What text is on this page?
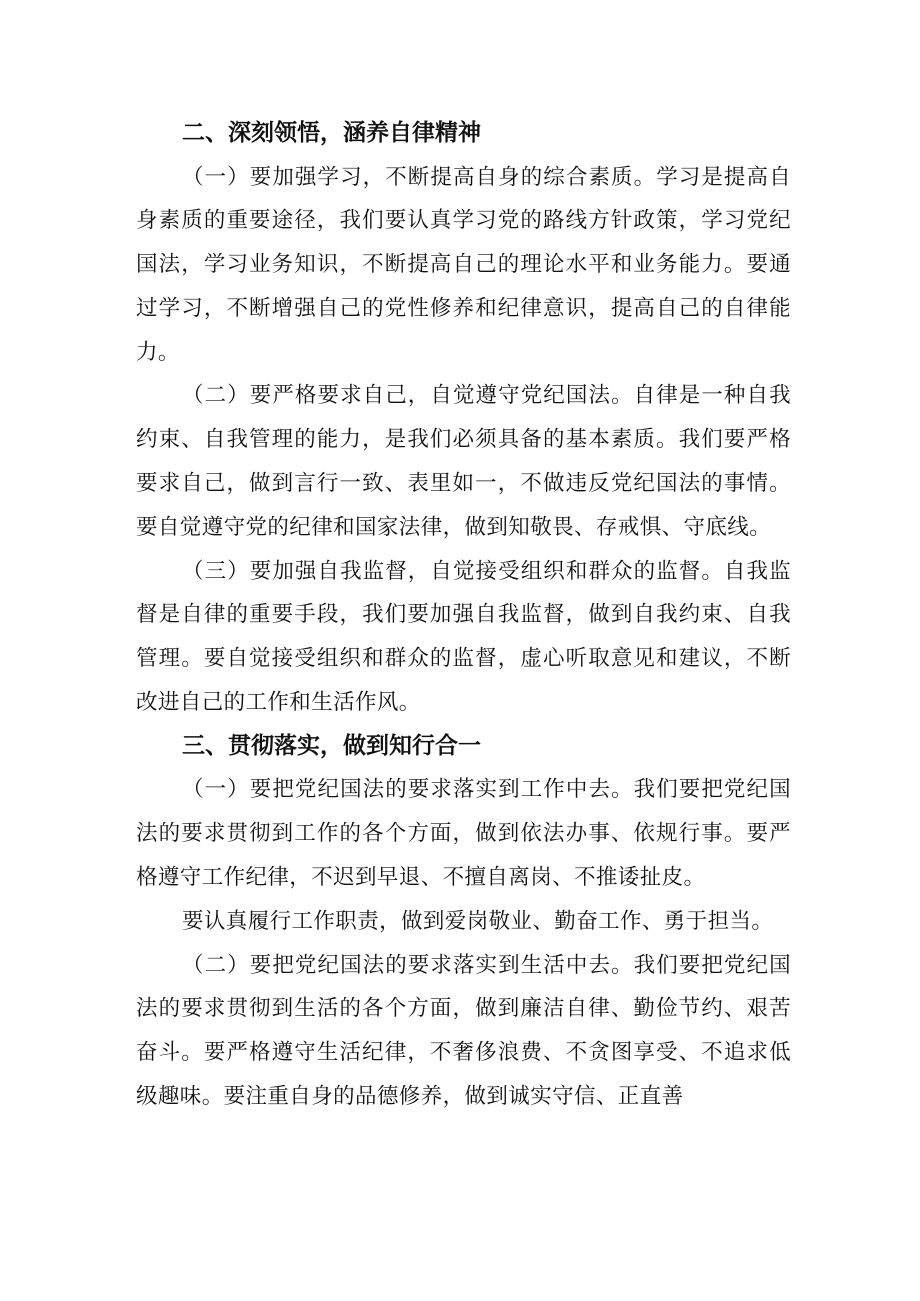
二、深刻领悟，涵养自律精神

（一）要加强学习，不断提高自身的综合素质。学习是提高自身素质的重要途径，我们要认真学习党的路线方针政策，学习党纪国法，学习业务知识，不断提高自己的理论水平和业务能力。要通过学习，不断增强自己的党性修养和纪律意识，提高自己的自律能力。

（二）要严格要求自己，自觉遵守党纪国法。自律是一种自我约束、自我管理的能力，是我们必须具备的基本素质。我们要严格要求自己，做到言行一致、表里如一，不做违反党纪国法的事情。要自觉遵守党的纪律和国家法律，做到知敬畏、存戒惧、守底线。

（三）要加强自我监督，自觉接受组织和群众的监督。自我监督是自律的重要手段，我们要加强自我监督，做到自我约束、自我管理。要自觉接受组织和群众的监督，虚心听取意见和建议，不断改进自己的工作和生活作风。

三、贯彻落实，做到知行合一

（一）要把党纪国法的要求落实到工作中去。我们要把党纪国法的要求贯彻到工作的各个方面，做到依法办事、依规行事。要严格遵守工作纪律，不迟到早退、不擅自离岗、不推诿扯皮。

要认真履行工作职责，做到爱岗敬业、勤奋工作、勇于担当。

（二）要把党纪国法的要求落实到生活中去。我们要把党纪国法的要求贯彻到生活的各个方面，做到廉洁自律、勤俭节约、艰苦奋斗。要严格遵守生活纪律，不奢侈浪费、不贪图享受、不追求低级趣味。要注重自身的品德修养，做到诚实守信、正直善
